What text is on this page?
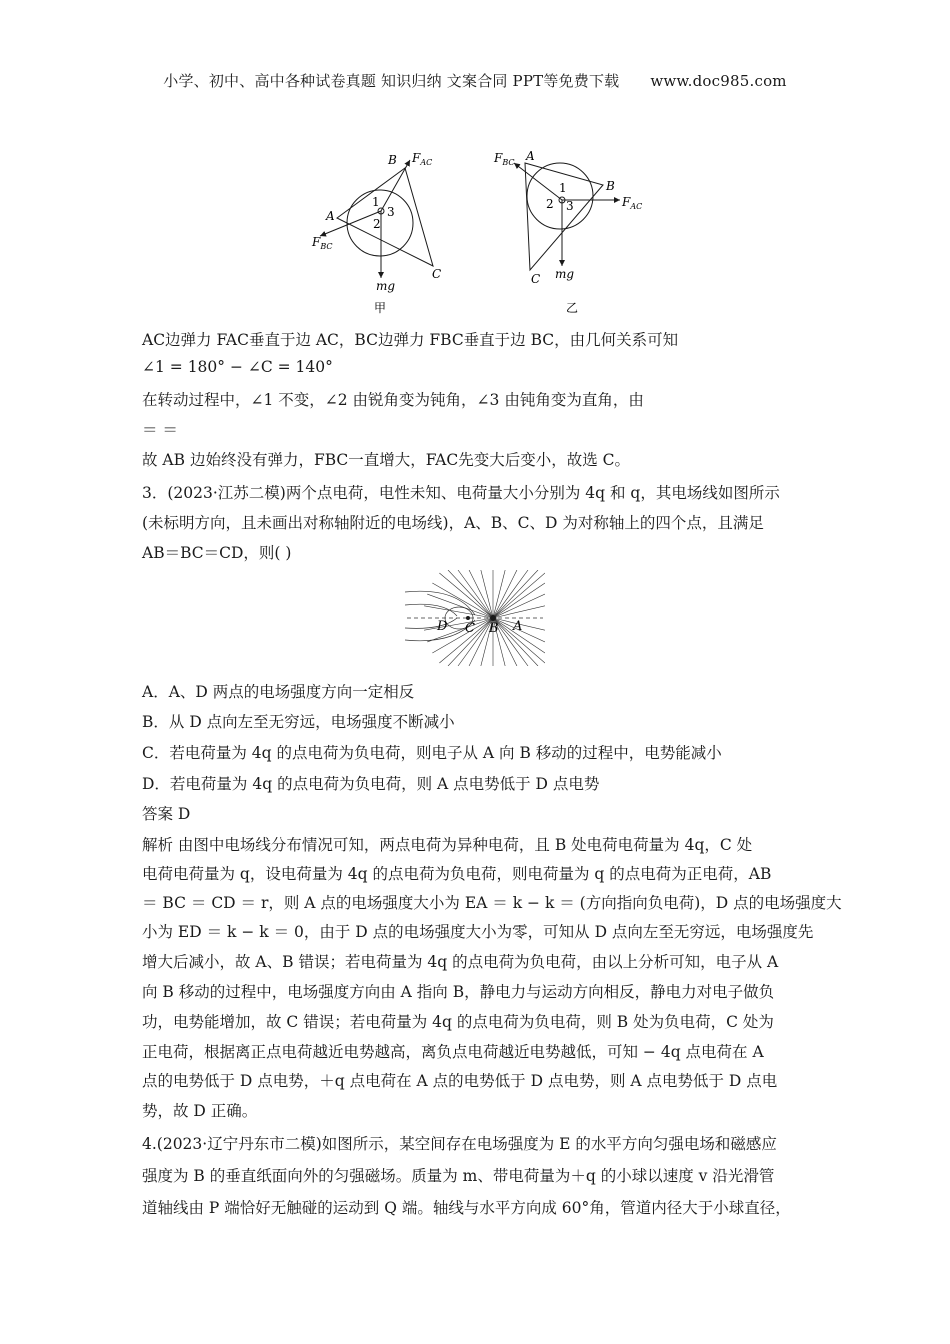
小学、初中、高中各种试卷真题 知识归纳 文案合同 PPT等免费下载 www.doc985.com
B $F_{AC}$
A
$F_{BC}$
C
mg
1
2
3
甲
$F_{BC}$ A
B
$F_{AC}$
C mg
1
2 3
乙
AC边弹力 FAC垂直于边 AC，BC边弹力 FBC垂直于边 BC，由几何关系可知
∠1 = 180° − ∠C = 140°
在转动过程中，∠1 不变，∠2 由锐角变为钝角，∠3 由钝角变为直角，由
＝ ＝
故 AB 边始终没有弹力，FBC一直增大，FAC先变大后变小，故选 C。
3．(2023·江苏二模)两个点电荷，电性未知、电荷量大小分别为 4q 和 q，其电场线如图所示
(未标明方向，且未画出对称轴附近的电场线)，A、B、C、D 为对称轴上的四个点，且满足
AB＝BC＝CD，则( )
D C B A
A．A、D 两点的电场强度方向一定相反
B．从 D 点向左至无穷远，电场强度不断减小
C．若电荷量为 4q 的点电荷为负电荷，则电子从 A 向 B 移动的过程中，电势能减小
D．若电荷量为 4q 的点电荷为负电荷，则 A 点电势低于 D 点电势
答案 D
解析 由图中电场线分布情况可知，两点电荷为异种电荷，且 B 处电荷电荷量为 4q，C 处
电荷电荷量为 q，设电荷量为 4q 的点电荷为负电荷，则电荷量为 q 的点电荷为正电荷，AB
＝ BC ＝ CD ＝ r，则 A 点的电场强度大小为 EA ＝ k − k ＝ (方向指向负电荷)，D 点的电场强度大
小为 ED ＝ k − k ＝ 0，由于 D 点的电场强度大小为零，可知从 D 点向左至无穷远，电场强度先
增大后减小，故 A、B 错误；若电荷量为 4q 的点电荷为负电荷，由以上分析可知，电子从 A
向 B 移动的过程中，电场强度方向由 A 指向 B，静电力与运动方向相反，静电力对电子做负
功，电势能增加，故 C 错误；若电荷量为 4q 的点电荷为负电荷，则 B 处为负电荷，C 处为
正电荷，根据离正点电荷越近电势越高，离负点电荷越近电势越低，可知 − 4q 点电荷在 A
点的电势低于 D 点电势，＋q 点电荷在 A 点的电势低于 D 点电势，则 A 点电势低于 D 点电
势，故 D 正确。
4.(2023·辽宁丹东市二模)如图所示，某空间存在电场强度为 E 的水平方向匀强电场和磁感应
强度为 B 的垂直纸面向外的匀强磁场。质量为 m、带电荷量为＋q 的小球以速度 v 沿光滑管
道轴线由 P 端恰好无触碰的运动到 Q 端。轴线与水平方向成 60°角，管道内径大于小球直径，
